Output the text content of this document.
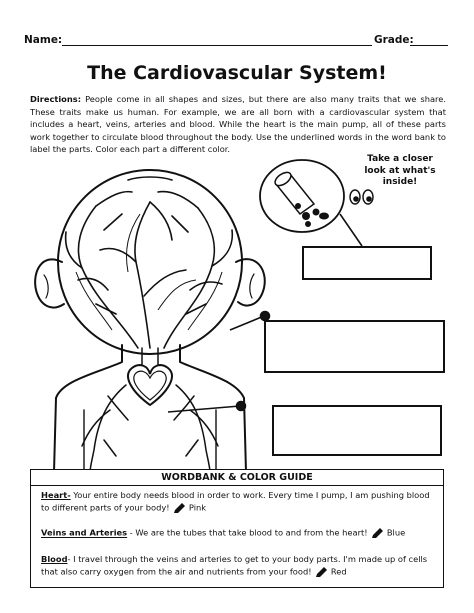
Name:	Grade:
The Cardiovascular System!
Directions: People come in all shapes and sizes, but there are also many traits that we share. These traits make us human. For example, we are all born with a cardiovascular system that includes a heart, veins, arteries and blood. While the heart is the main pump, all of these parts work together to circulate blood throughout the body. Use the underlined words in the word bank to label the parts. Color each part a different color.
Take a closer look at what's inside!
WORDBANK & COLOR GUIDE
Heart- Your entire body needs blood in order to work. Every time I pump, I am pushing blood to different parts of your body! Pink
Veins and Arteries - We are the tubes that take blood to and from the heart! Blue
Blood- I travel through the veins and arteries to get to your body parts. I'm made up of cells that also carry oxygen from the air and nutrients from your food! Red
